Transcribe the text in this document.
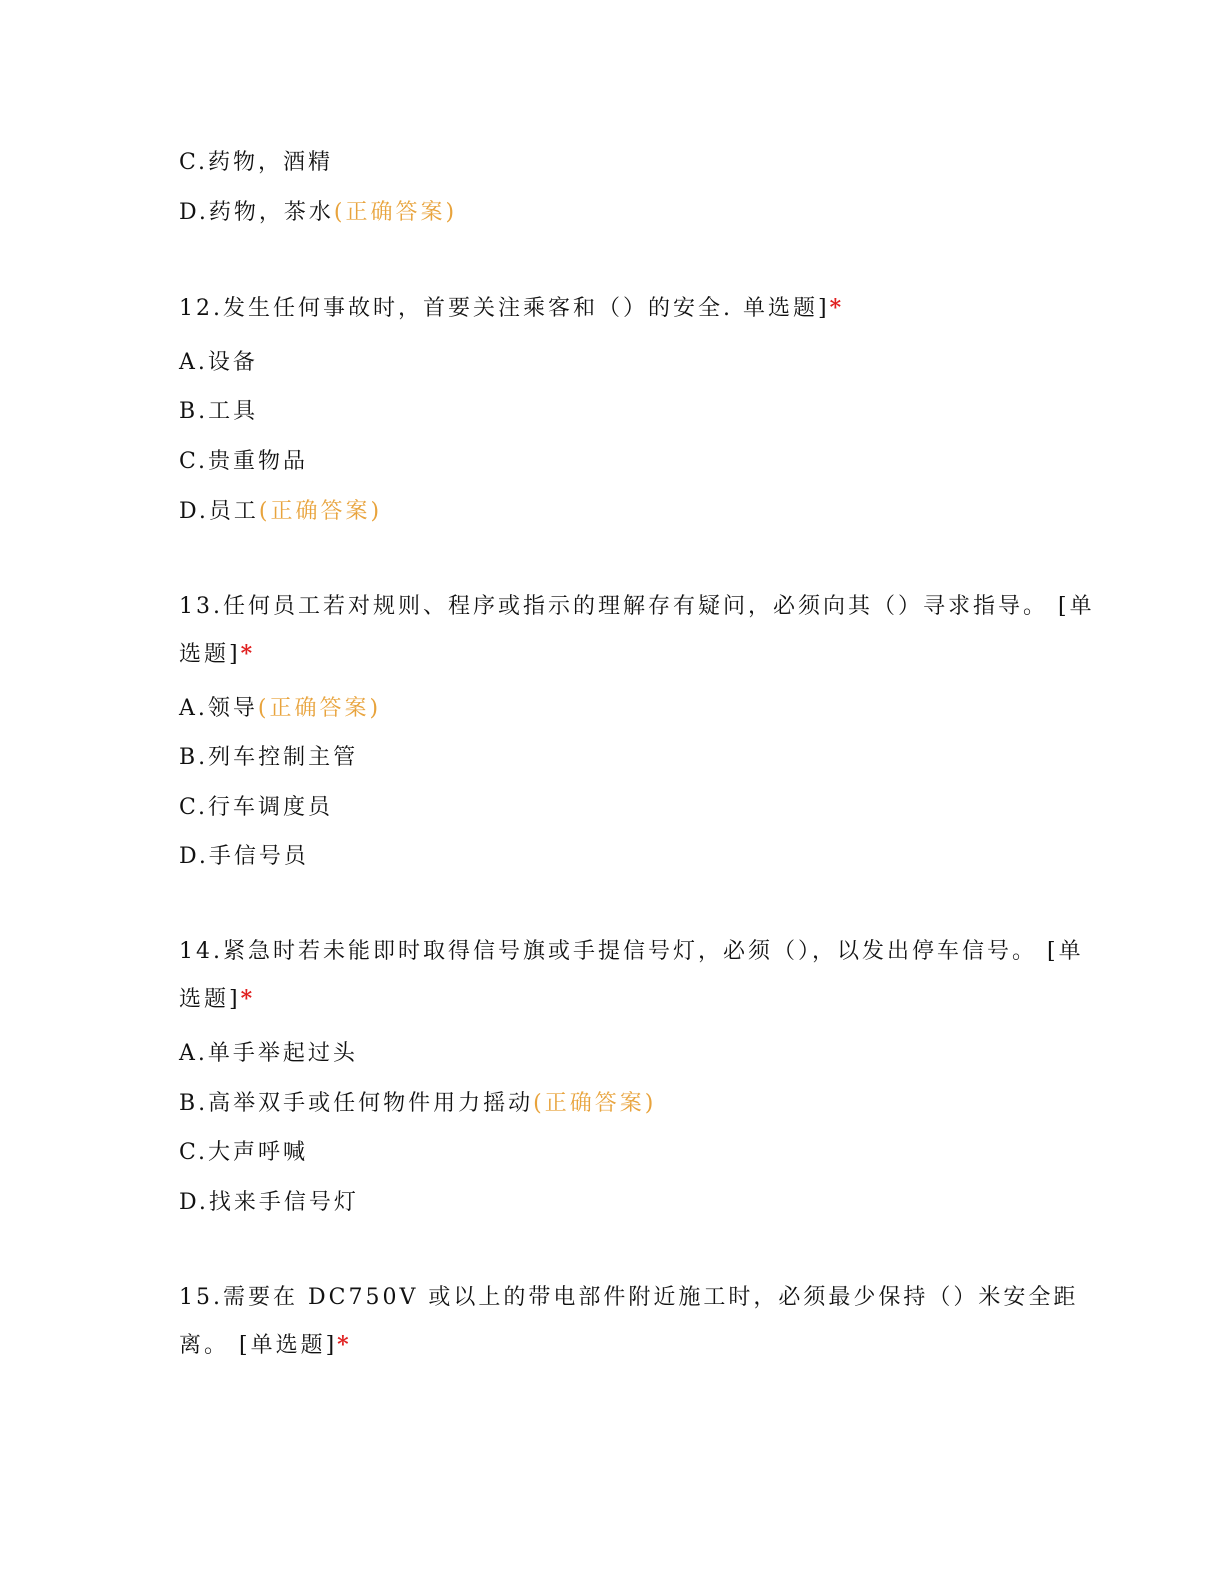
C.药物，酒精
D.药物，茶水(正确答案)
12.发生任何事故时，首要关注乘客和（）的安全. 单选题]*
A.设备
B.工具
C.贵重物品
D.员工(正确答案)
13.任何员工若对规则、程序或指示的理解存有疑问，必须向其（）寻求指导。 [单
选题]*
A.领导(正确答案)
B.列车控制主管
C.行车调度员
D.手信号员
14.紧急时若未能即时取得信号旗或手提信号灯，必须（），以发出停车信号。 [单
选题]*
A.单手举起过头
B.高举双手或任何物件用力摇动(正确答案)
C.大声呼喊
D.找来手信号灯
15.需要在 DC750V 或以上的带电部件附近施工时，必须最少保持（）米安全距
离。 [单选题]*
